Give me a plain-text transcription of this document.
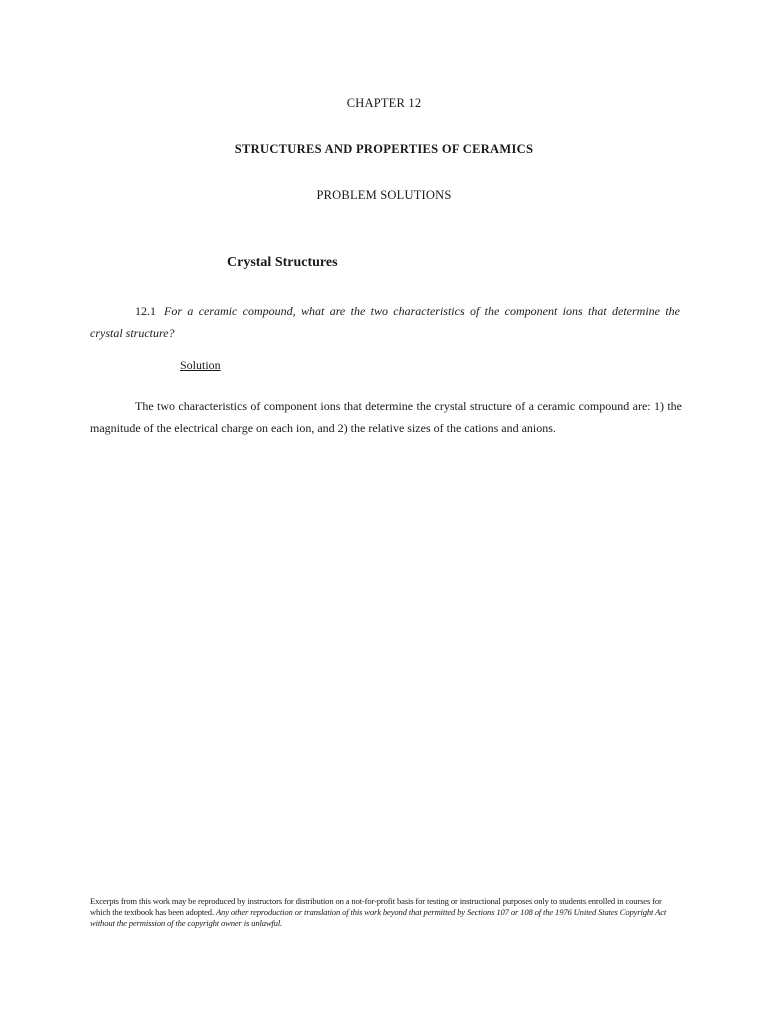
CHAPTER 12

STRUCTURES AND PROPERTIES OF CERAMICS

PROBLEM SOLUTIONS

Crystal Structures

12.1 For a ceramic compound, what are the two characteristics of the component ions that determine the crystal structure?

Solution

The two characteristics of component ions that determine the crystal structure of a ceramic compound are: 1) the magnitude of the electrical charge on each ion, and 2) the relative sizes of the cations and anions.

Excerpts from this work may be reproduced by instructors for distribution on a not-for-profit basis for testing or instructional purposes only to students enrolled in courses for which the textbook has been adopted. Any other reproduction or translation of this work beyond that permitted by Sections 107 or 108 of the 1976 United States Copyright Act without the permission of the copyright owner is unlawful.
